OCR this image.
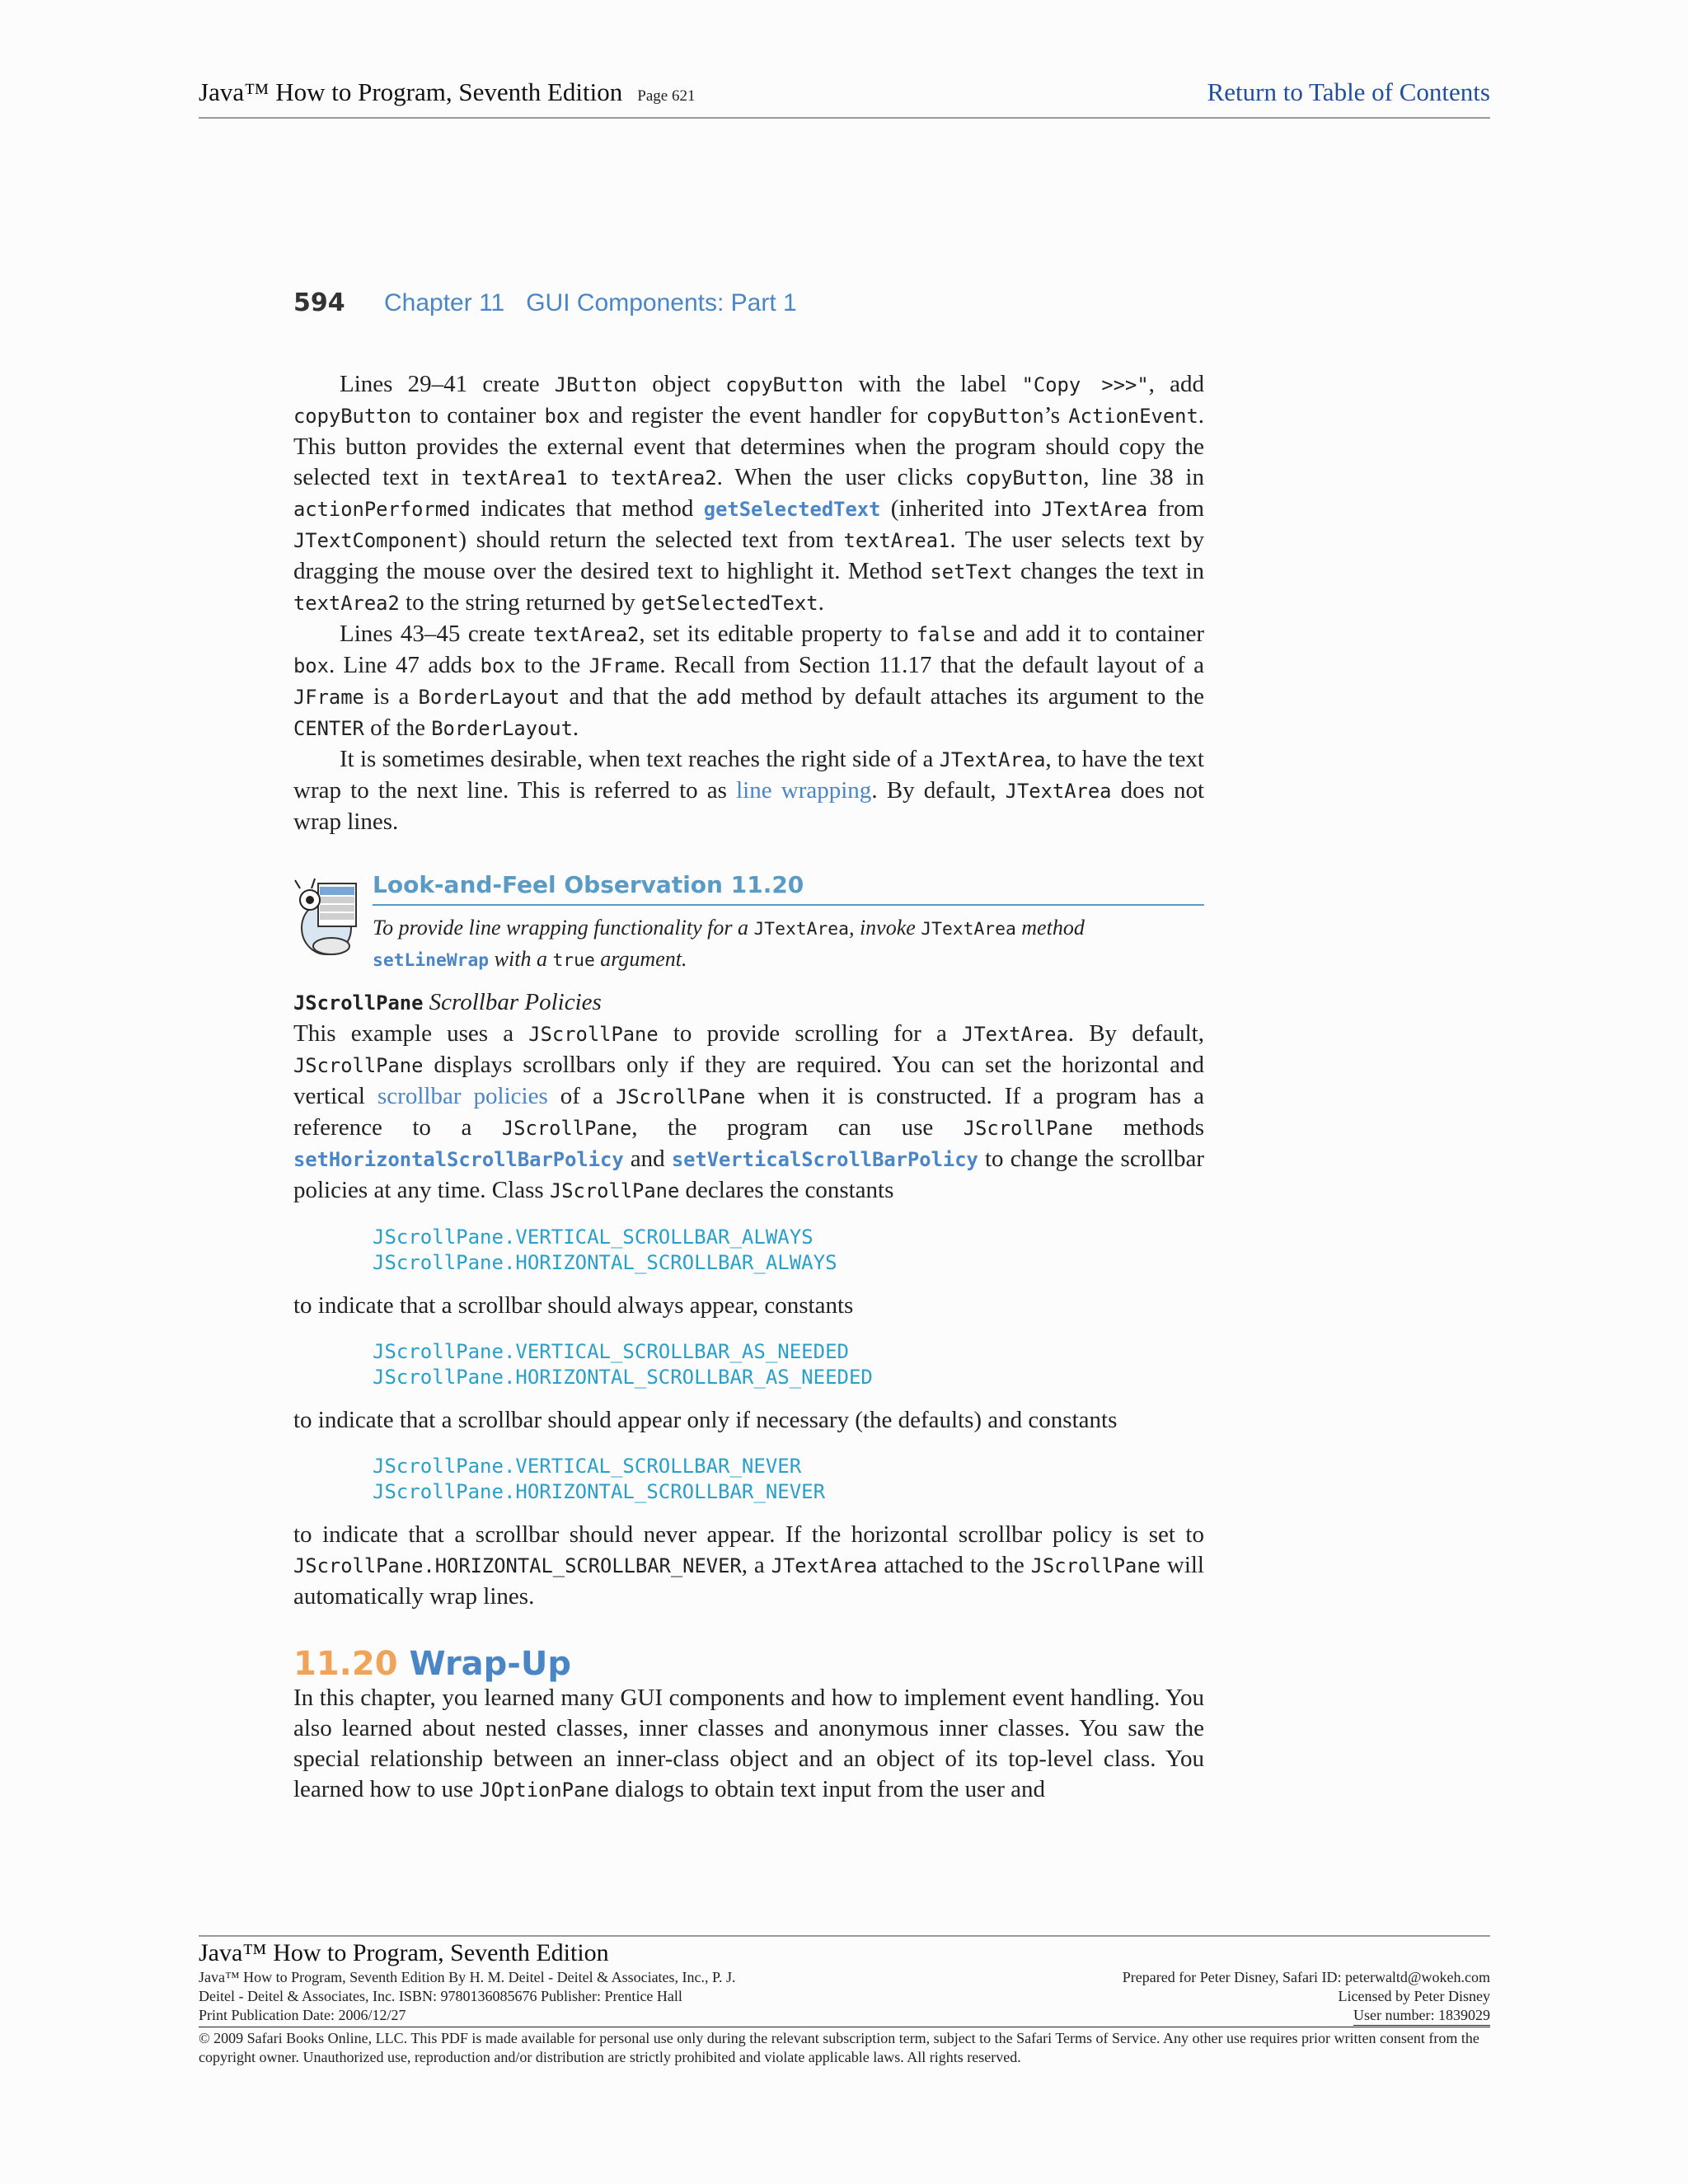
Java™ How to Program, Seventh Edition Page 621	Return to Table of Contents
594 Chapter 11 GUI Components: Part 1

Lines 29–41 create JButton object copyButton with the label "Copy >>>", add copyButton to container box and register the event handler for copyButton’s ActionEvent. This button provides the external event that determines when the program should copy the selected text in textArea1 to textArea2. When the user clicks copyButton, line 38 in actionPerformed indicates that method getSelectedText (inherited into JTextArea from JTextComponent) should return the selected text from textArea1. The user selects text by dragging the mouse over the desired text to highlight it. Method setText changes the text in textArea2 to the string returned by getSelectedText.

Lines 43–45 create textArea2, set its editable property to false and add it to container box. Line 47 adds box to the JFrame. Recall from Section 11.17 that the default layout of a JFrame is a BorderLayout and that the add method by default attaches its argument to the CENTER of the BorderLayout.

It is sometimes desirable, when text reaches the right side of a JTextArea, to have the text wrap to the next line. This is referred to as line wrapping. By default, JTextArea does not wrap lines.

Look-and-Feel Observation 11.20
To provide line wrapping functionality for a JTextArea, invoke JTextArea method setLineWrap with a true argument.

JScrollPane Scrollbar Policies

This example uses a JScrollPane to provide scrolling for a JTextArea. By default, JScrollPane displays scrollbars only if they are required. You can set the horizontal and vertical scrollbar policies of a JScrollPane when it is constructed. If a program has a reference to a JScrollPane, the program can use JScrollPane methods setHorizontalScrollBarPolicy and setVerticalScrollBarPolicy to change the scrollbar policies at any time. Class JScrollPane declares the constants

JScrollPane.VERTICAL_SCROLLBAR_ALWAYS
JScrollPane.HORIZONTAL_SCROLLBAR_ALWAYS

to indicate that a scrollbar should always appear, constants

JScrollPane.VERTICAL_SCROLLBAR_AS_NEEDED
JScrollPane.HORIZONTAL_SCROLLBAR_AS_NEEDED

to indicate that a scrollbar should appear only if necessary (the defaults) and constants

JScrollPane.VERTICAL_SCROLLBAR_NEVER
JScrollPane.HORIZONTAL_SCROLLBAR_NEVER

to indicate that a scrollbar should never appear. If the horizontal scrollbar policy is set to JScrollPane.HORIZONTAL_SCROLLBAR_NEVER, a JTextArea attached to the JScrollPane will automatically wrap lines.

11.20 Wrap-Up

In this chapter, you learned many GUI components and how to implement event handling. You also learned about nested classes, inner classes and anonymous inner classes. You saw the special relationship between an inner-class object and an object of its top-level class. You learned how to use JOptionPane dialogs to obtain text input from the user and

Java™ How to Program, Seventh Edition
Java™ How to Program, Seventh Edition By H. M. Deitel - Deitel & Associates, Inc., P. J.	Prepared for Peter Disney, Safari ID: peterwaltd@wokeh.com
Deitel - Deitel & Associates, Inc. ISBN: 9780136085676 Publisher: Prentice Hall	Licensed by Peter Disney
Print Publication Date: 2006/12/27	User number: 1839029
© 2009 Safari Books Online, LLC. This PDF is made available for personal use only during the relevant subscription term, subject to the Safari Terms of Service. Any other use requires prior written consent from the copyright owner. Unauthorized use, reproduction and/or distribution are strictly prohibited and violate applicable laws. All rights reserved.
